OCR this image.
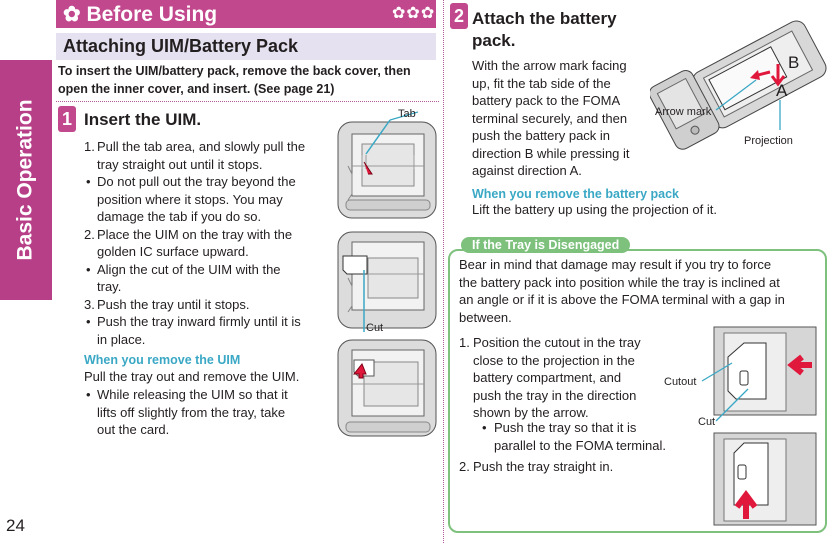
Basic Operation
24
✿ Before Using	✿✿✿
Attaching UIM/Battery Pack
To insert the UIM/battery pack, remove the back cover, then
open the inner cover, and insert. (See page 21)
1 Insert the UIM.
1. Pull the tab area, and slowly pull the
tray straight out until it stops.
• Do not pull out the tray beyond the
position where it stops. You may
damage the tab if you do so.
2. Place the UIM on the tray with the
golden IC surface upward.
• Align the cut of the UIM with the
tray.
3. Push the tray until it stops.
• Push the tray inward firmly until it is
in place.
When you remove the UIM
Pull the tray out and remove the UIM.
• While releasing the UIM so that it
lifts off slightly from the tray, take
out the card.
Tab
Cut
2 Attach the battery
pack.
With the arrow mark facing
up, fit the tab side of the
battery pack to the FOMA
terminal securely, and then
push the battery pack in
direction B while pressing it
against direction A.
B
A
Arrow mark
Projection
When you remove the battery pack
Lift the battery up using the projection of it.
If the Tray is Disengaged
Bear in mind that damage may result if you try to force
the battery pack into position while the tray is inclined at
an angle or if it is above the FOMA terminal with a gap in
between.
1. Position the cutout in the tray
close to the projection in the
battery compartment, and
push the tray in the direction
shown by the arrow.
• Push the tray so that it is
parallel to the FOMA terminal.
2. Push the tray straight in.
Cutout
Cut
